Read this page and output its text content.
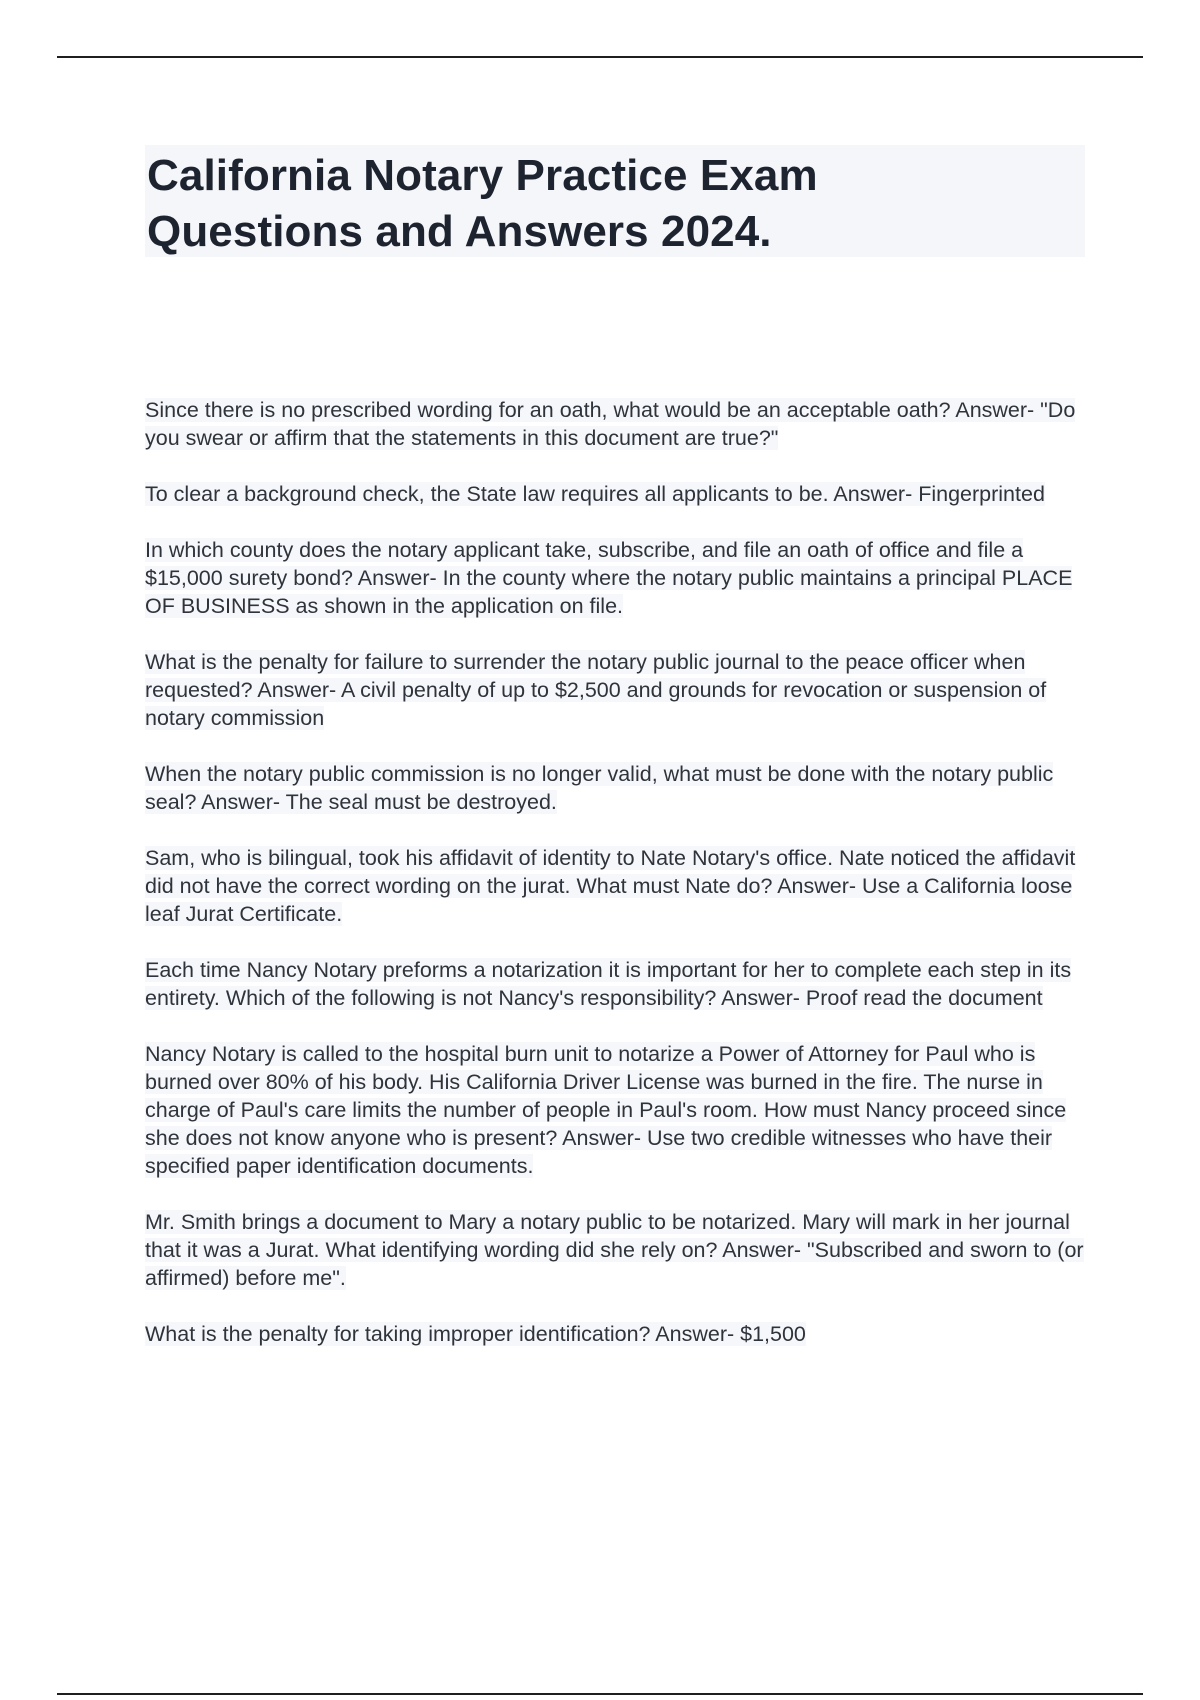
California Notary Practice Exam
Questions and Answers 2024.

Since there is no prescribed wording for an oath, what would be an acceptable oath? Answer- "Do you swear or affirm that the statements in this document are true?"

To clear a background check, the State law requires all applicants to be. Answer- Fingerprinted

In which county does the notary applicant take, subscribe, and file an oath of office and file a $15,000 surety bond? Answer- In the county where the notary public maintains a principal PLACE OF BUSINESS as shown in the application on file.

What is the penalty for failure to surrender the notary public journal to the peace officer when requested? Answer- A civil penalty of up to $2,500 and grounds for revocation or suspension of notary commission

When the notary public commission is no longer valid, what must be done with the notary public seal? Answer- The seal must be destroyed.

Sam, who is bilingual, took his affidavit of identity to Nate Notary's office. Nate noticed the affidavit did not have the correct wording on the jurat. What must Nate do? Answer- Use a California loose leaf Jurat Certificate.

Each time Nancy Notary preforms a notarization it is important for her to complete each step in its entirety. Which of the following is not Nancy's responsibility? Answer- Proof read the document

Nancy Notary is called to the hospital burn unit to notarize a Power of Attorney for Paul who is burned over 80% of his body. His California Driver License was burned in the fire. The nurse in charge of Paul's care limits the number of people in Paul's room. How must Nancy proceed since she does not know anyone who is present? Answer- Use two credible witnesses who have their specified paper identification documents.

Mr. Smith brings a document to Mary a notary public to be notarized. Mary will mark in her journal that it was a Jurat. What identifying wording did she rely on? Answer- "Subscribed and sworn to (or affirmed) before me".

What is the penalty for taking improper identification? Answer- $1,500
